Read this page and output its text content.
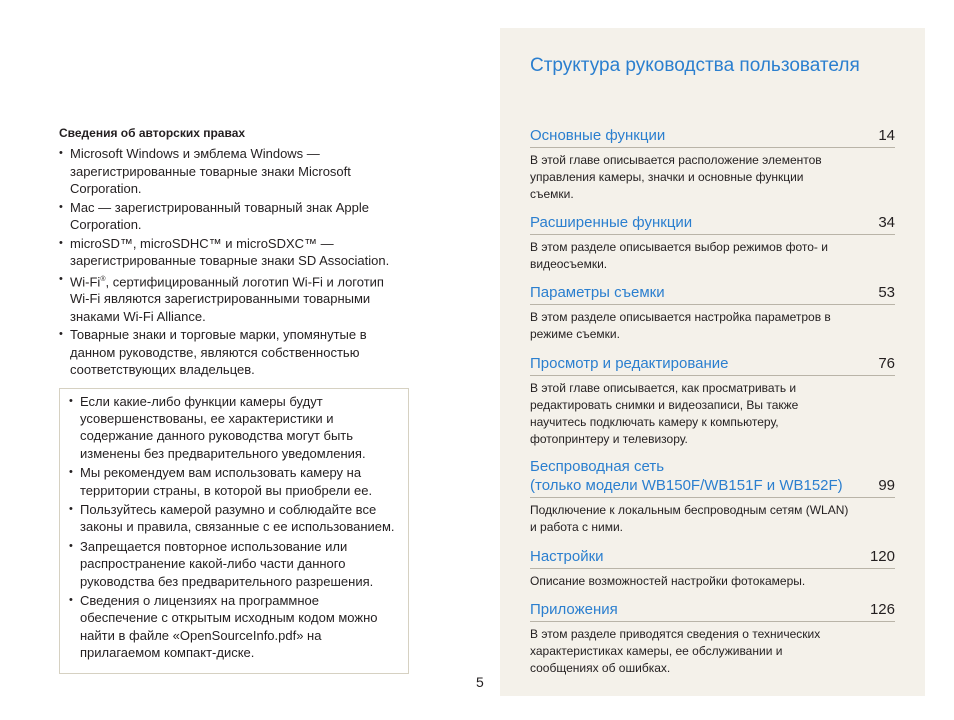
Сведения об авторских правах
• Microsoft Windows и эмблема Windows — зарегистрированные товарные знаки Microsoft Corporation.
• Mac — зарегистрированный товарный знак Apple Corporation.
• microSD™, microSDHC™ и microSDXC™ — зарегистрированные товарные знаки SD Association.
• Wi-Fi®, сертифицированный логотип Wi-Fi и логотип Wi-Fi являются зарегистрированными товарными знаками Wi-Fi Alliance.
• Товарные знаки и торговые марки, упомянутые в данном руководстве, являются собственностью соответствующих владельцев.
• Если какие-либо функции камеры будут усовершенствованы, ее характеристики и содержание данного руководства могут быть изменены без предварительного уведомления.
• Мы рекомендуем вам использовать камеру на территории страны, в которой вы приобрели ее.
• Пользуйтесь камерой разумно и соблюдайте все законы и правила, связанные с ее использованием.
• Запрещается повторное использование или распространение какой-либо части данного руководства без предварительного разрешения.
• Сведения о лицензиях на программное обеспечение с открытым исходным кодом можно найти в файле «OpenSourceInfo.pdf» на прилагаемом компакт-диске.
5
Структура руководства пользователя
Основные функции	14
В этой главе описывается расположение элементов управления камеры, значки и основные функции съемки.
Расширенные функции	34
В этом разделе описывается выбор режимов фото- и видеосъемки.
Параметры съемки	53
В этом разделе описывается настройка параметров в режиме съемки.
Просмотр и редактирование	76
В этой главе описывается, как просматривать и редактировать снимки и видеозаписи, Вы также научитесь подключать камеру к компьютеру, фотопринтеру и телевизору.
Беспроводная сеть
(только модели WB150F/WB151F и WB152F) 99
Подключение к локальным беспроводным сетям (WLAN) и работа с ними.
Настройки	120
Описание возможностей настройки фотокамеры.
Приложения	126
В этом разделе приводятся сведения о технических характеристиках камеры, ее обслуживании и сообщениях об ошибках.
